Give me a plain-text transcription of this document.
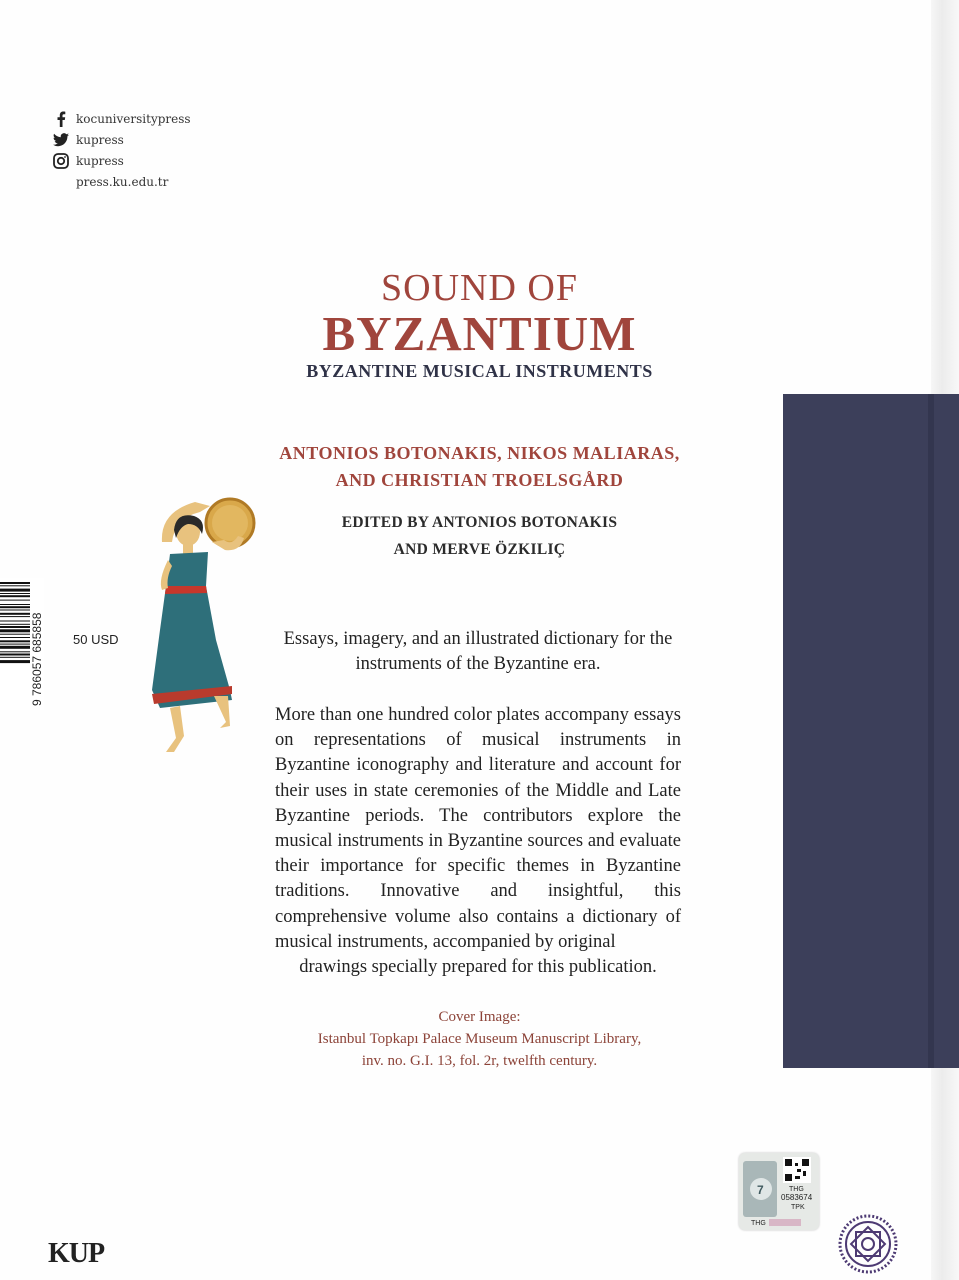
kocuniversitypress
kupress
kupress
press.ku.edu.tr
SOUND OF
BYZANTIUM
BYZANTINE MUSICAL INSTRUMENTS
ANTONIOS BOTONAKIS, NIKOS MALIARAS,
AND CHRISTIAN TROELSGÅRD
EDITED BY ANTONIOS BOTONAKIS
AND MERVE ÖZKILIÇ
Essays, imagery, and an illustrated dictionary for the instruments of the Byzantine era.
More than one hundred color plates accompany essays on representations of musical instruments in Byzantine iconography and literature and account for their uses in state ceremonies of the Middle and Late Byzantine periods. The contributors explore the musical instruments in Byzantine sources and evaluate their importance for specific themes in Byzantine traditions. Innovative and insightful, this comprehensive volume also contains a dictionary of musical instruments, accompanied by original
drawings specially prepared for this publication.
Cover Image:
Istanbul Topkapı Palace Museum Manuscript Library,
inv. no. G.I. 13, fol. 2r, twelfth century.
9 786057 685858 50 USD
KUP
7	THG
0583674
TPK
THG
